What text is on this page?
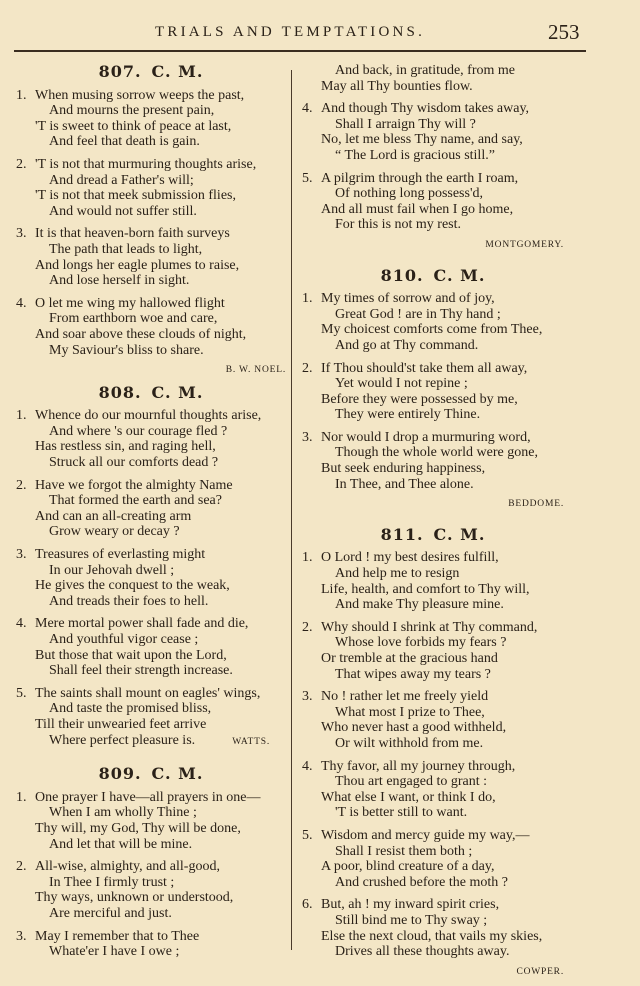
TRIALS AND TEMPTATIONS.	253
807. C. M.
1. When musing sorrow weeps the past,
And mourns the present pain,
'T is sweet to think of peace at last,
And feel that death is gain.
2. 'T is not that murmuring thoughts arise,
And dread a Father's will;
'T is not that meek submission flies,
And would not suffer still.
3. It is that heaven-born faith surveys
The path that leads to light,
And longs her eagle plumes to raise,
And lose herself in sight.
4. O let me wing my hallowed flight
From earthborn woe and care,
And soar above these clouds of night,
My Saviour's bliss to share.
B. W. NOEL.
808. C. M.
1. Whence do our mournful thoughts arise,
And where 's our courage fled ?
Has restless sin, and raging hell,
Struck all our comforts dead ?
2. Have we forgot the almighty Name
That formed the earth and sea?
And can an all-creating arm
Grow weary or decay ?
3. Treasures of everlasting might
In our Jehovah dwell ;
He gives the conquest to the weak,
And treads their foes to hell.
4. Mere mortal power shall fade and die,
And youthful vigor cease ;
But those that wait upon the Lord,
Shall feel their strength increase.
5. The saints shall mount on eagles' wings,
And taste the promised bliss,
Till their unwearied feet arrive
Where perfect pleasure is.	WATTS.
809. C. M.
1. One prayer I have—all prayers in one—
When I am wholly Thine ;
Thy will, my God, Thy will be done,
And let that will be mine.
2. All-wise, almighty, and all-good,
In Thee I firmly trust ;
Thy ways, unknown or understood,
Are merciful and just.
3. May I remember that to Thee
Whate'er I have I owe ;
And back, in gratitude, from me
May all Thy bounties flow.
4. And though Thy wisdom takes away,
Shall I arraign Thy will ?
No, let me bless Thy name, and say,
“ The Lord is gracious still.”
5. A pilgrim through the earth I roam,
Of nothing long possess'd,
And all must fail when I go home,
For this is not my rest.
MONTGOMERY.
810. C. M.
1. My times of sorrow and of joy,
Great God ! are in Thy hand ;
My choicest comforts come from Thee,
And go at Thy command.
2. If Thou should'st take them all away,
Yet would I not repine ;
Before they were possessed by me,
They were entirely Thine.
3. Nor would I drop a murmuring word,
Though the whole world were gone,
But seek enduring happiness,
In Thee, and Thee alone.
BEDDOME.
811. C. M.
1. O Lord ! my best desires fulfill,
And help me to resign
Life, health, and comfort to Thy will,
And make Thy pleasure mine.
2. Why should I shrink at Thy command,
Whose love forbids my fears ?
Or tremble at the gracious hand
That wipes away my tears ?
3. No ! rather let me freely yield
What most I prize to Thee,
Who never hast a good withheld,
Or wilt withhold from me.
4. Thy favor, all my journey through,
Thou art engaged to grant :
What else I want, or think I do,
'T is better still to want.
5. Wisdom and mercy guide my way,—
Shall I resist them both ;
A poor, blind creature of a day,
And crushed before the moth ?
6. But, ah ! my inward spirit cries,
Still bind me to Thy sway ;
Else the next cloud, that vails my skies,
Drives all these thoughts away.
COWPER.
